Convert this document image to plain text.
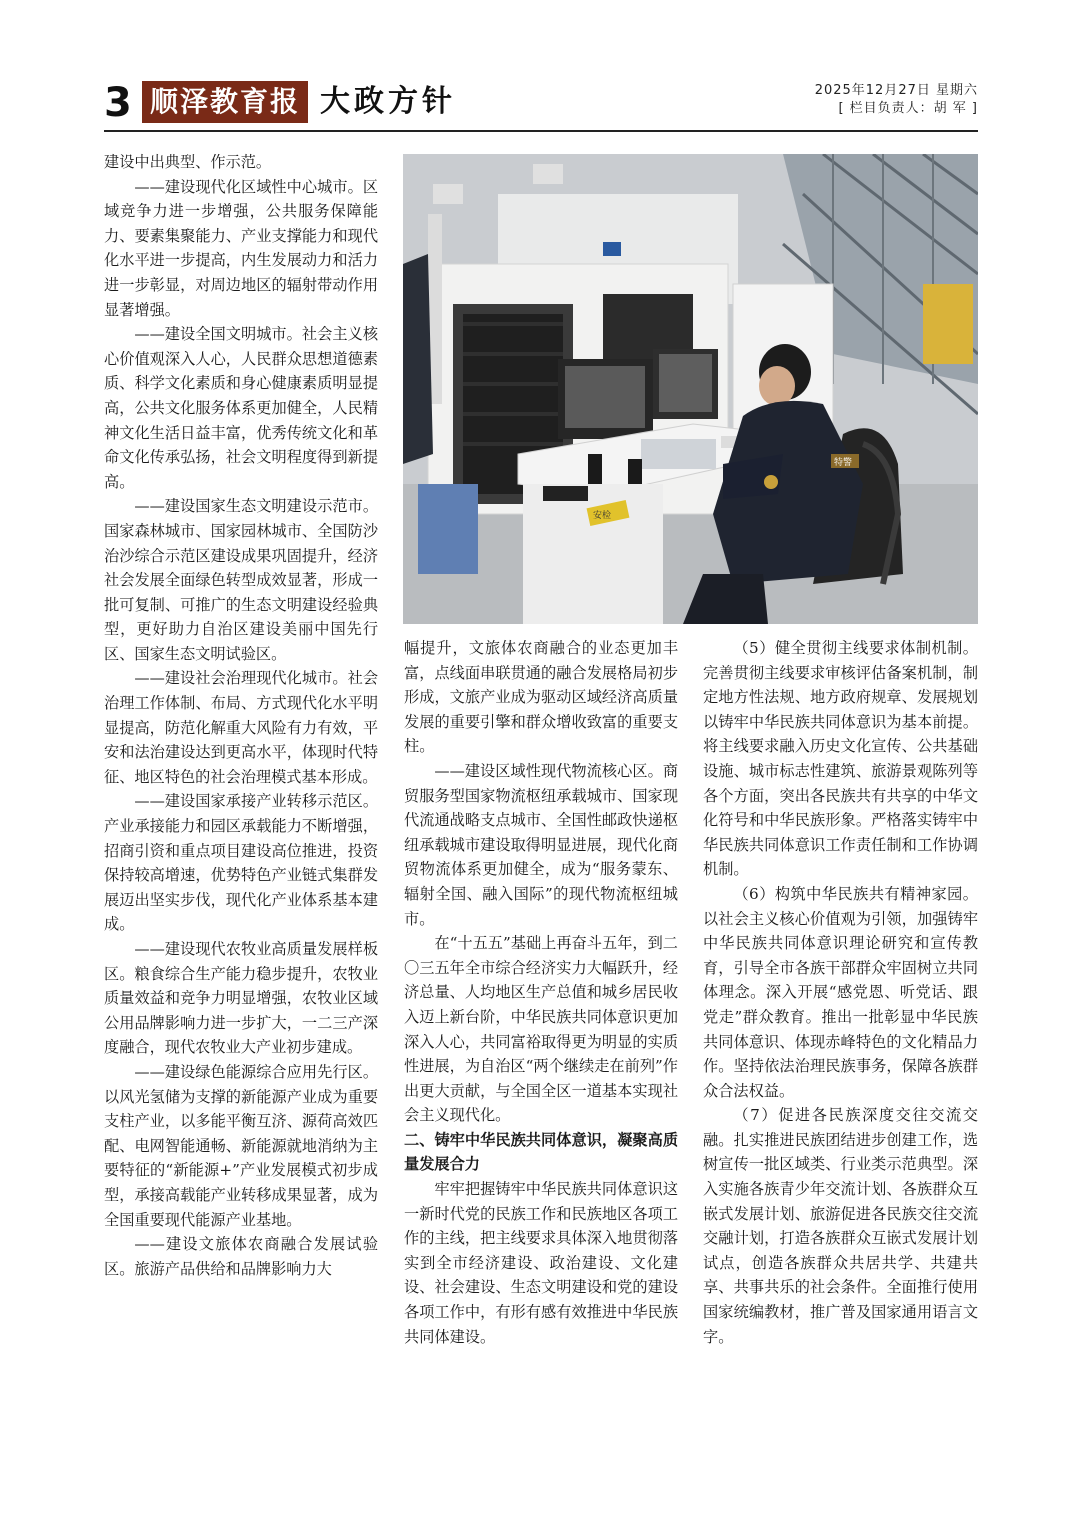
3 顺泽教育报 大政方针	2025年12月27日 星期六
[ 栏目负责人：胡 军 ]

建设中出典型、作示范。

——建设现代化区域性中心城市。区域竞争力进一步增强，公共服务保障能力、要素集聚能力、产业支撑能力和现代化水平进一步提高，内生发展动力和活力进一步彰显，对周边地区的辐射带动作用显著增强。

——建设全国文明城市。社会主义核心价值观深入人心，人民群众思想道德素质、科学文化素质和身心健康素质明显提高，公共文化服务体系更加健全，人民精神文化生活日益丰富，优秀传统文化和革命文化传承弘扬，社会文明程度得到新提高。

——建设国家生态文明建设示范市。国家森林城市、国家园林城市、全国防沙治沙综合示范区建设成果巩固提升，经济社会发展全面绿色转型成效显著，形成一批可复制、可推广的生态文明建设经验典型，更好助力自治区建设美丽中国先行区、国家生态文明试验区。

——建设社会治理现代化城市。社会治理工作体制、布局、方式现代化水平明显提高，防范化解重大风险有力有效，平安和法治建设达到更高水平，体现时代特征、地区特色的社会治理模式基本形成。

——建设国家承接产业转移示范区。产业承接能力和园区承载能力不断增强，招商引资和重点项目建设高位推进，投资保持较高增速，优势特色产业链式集群发展迈出坚实步伐，现代化产业体系基本建成。

——建设现代农牧业高质量发展样板区。粮食综合生产能力稳步提升，农牧业质量效益和竞争力明显增强，农牧业区域公用品牌影响力进一步扩大，一二三产深度融合，现代农牧业大产业初步建成。

——建设绿色能源综合应用先行区。以风光氢储为支撑的新能源产业成为重要支柱产业，以多能平衡互济、源荷高效匹配、电网智能通畅、新能源就地消纳为主要特征的“新能源+”产业发展模式初步成型，承接高载能产业转移成果显著，成为全国重要现代能源产业基地。

——建设文旅体农商融合发展试验区。旅游产品供给和品牌影响力大

安检
特警

幅提升，文旅体农商融合的业态更加丰富，点线面串联贯通的融合发展格局初步形成，文旅产业成为驱动区域经济高质量发展的重要引擎和群众增收致富的重要支柱。

——建设区域性现代物流核心区。商贸服务型国家物流枢纽承载城市、国家现代流通战略支点城市、全国性邮政快递枢纽承载城市建设取得明显进展，现代化商贸物流体系更加健全，成为“服务蒙东、辐射全国、融入国际”的现代物流枢纽城市。

在“十五五”基础上再奋斗五年，到二〇三五年全市综合经济实力大幅跃升，经济总量、人均地区生产总值和城乡居民收入迈上新台阶，中华民族共同体意识更加深入人心，共同富裕取得更为明显的实质性进展，为自治区“两个继续走在前列”作出更大贡献，与全国全区一道基本实现社会主义现代化。

二、铸牢中华民族共同体意识，凝聚高质量发展合力

牢牢把握铸牢中华民族共同体意识这一新时代党的民族工作和民族地区各项工作的主线，把主线要求具体深入地贯彻落实到全市经济建设、政治建设、文化建设、社会建设、生态文明建设和党的建设各项工作中，有形有感有效推进中华民族共同体建设。

（5）健全贯彻主线要求体制机制。完善贯彻主线要求审核评估备案机制，制定地方性法规、地方政府规章、发展规划以铸牢中华民族共同体意识为基本前提。将主线要求融入历史文化宣传、公共基础设施、城市标志性建筑、旅游景观陈列等各个方面，突出各民族共有共享的中华文化符号和中华民族形象。严格落实铸牢中华民族共同体意识工作责任制和工作协调机制。

（6）构筑中华民族共有精神家园。以社会主义核心价值观为引领，加强铸牢中华民族共同体意识理论研究和宣传教育，引导全市各族干部群众牢固树立共同体理念。深入开展“感党恩、听党话、跟党走”群众教育。推出一批彰显中华民族共同体意识、体现赤峰特色的文化精品力作。坚持依法治理民族事务，保障各族群众合法权益。

（7）促进各民族深度交往交流交融。扎实推进民族团结进步创建工作，选树宣传一批区域类、行业类示范典型。深入实施各族青少年交流计划、各族群众互嵌式发展计划、旅游促进各民族交往交流交融计划，打造各族群众互嵌式发展计划试点，创造各族群众共居共学、共建共享、共事共乐的社会条件。全面推行使用国家统编教材，推广普及国家通用语言文字。
